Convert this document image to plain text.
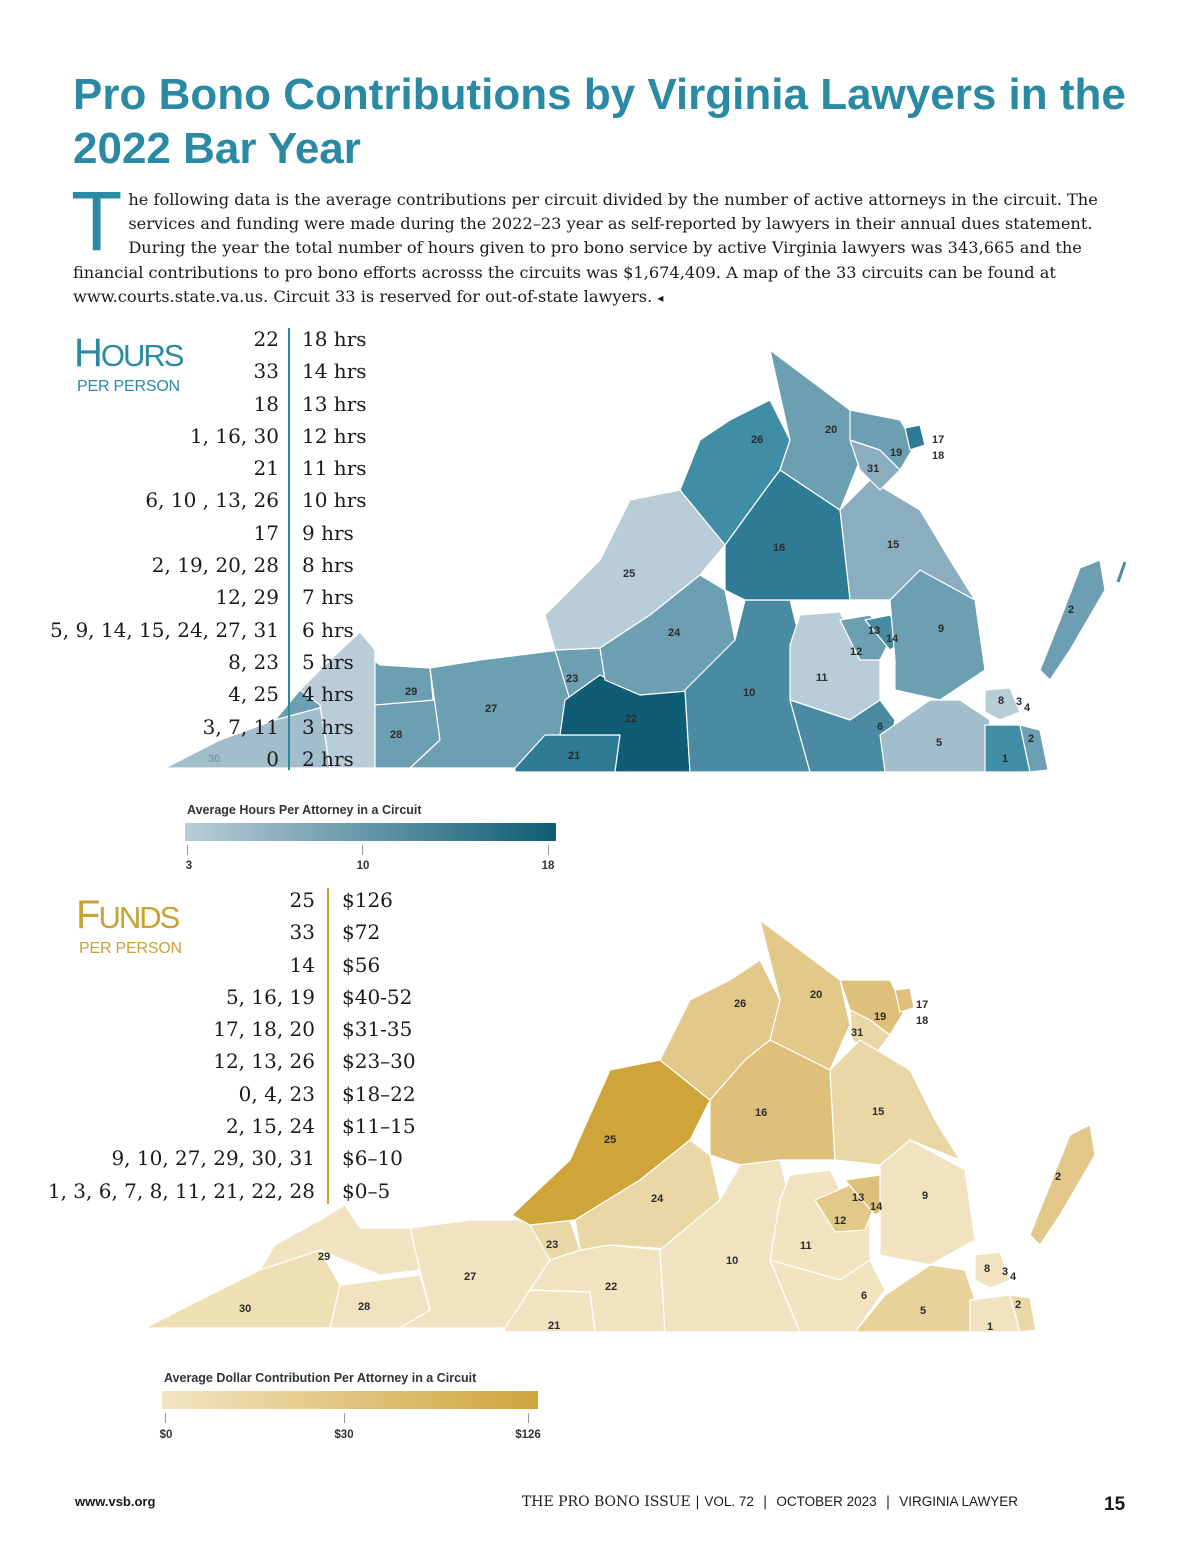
Pro Bono Contributions by Virginia Lawyers in the 2022 Bar Year

The following data is the average contributions per circuit divided by the number of active attorneys in the circuit. The services and funding were made during the 2022–23 year as self-reported by lawyers in their annual dues statement. During the year the total number of hours given to pro bono service by active Virginia lawyers was 343,665 and the financial contributions to pro bono efforts acrosss the circuits was $1,674,409. A map of the 33 circuits can be found at www.courts.state.va.us. Circuit 33 is reserved for out-of-state lawyers. ◂

1
2
2
3 4
5
6
8
9
10
11
12
13
14
15
16
17
18
19
20
21
22
23
24
25
26
27
28
29
30
31
HOURS
PER PERSON
22 18 hrs
33 14 hrs
18 13 hrs
1, 16, 30 12 hrs
21 11 hrs
6, 10 , 13, 26 10 hrs
17 9 hrs
2, 19, 20, 28 8 hrs
12, 29 7 hrs
5, 9, 14, 15, 24, 27, 31 6 hrs
8, 23 5 hrs
4, 25 4 hrs
3, 7, 11 3 hrs
0 2 hrs
Average Hours Per Attorney in a Circuit
3	10	18
1
2
2
3 4
5
6
8
9
10
11
12
13
14
15
16
17
18
19
20
21
22
23
24
25
26
27
28
29
30
31
FUNDS
PER PERSON
25 $126
33 $72
14 $56
5, 16, 19 $40-52
17, 18, 20 $31-35
12, 13, 26 $23–30
0, 4, 23 $18–22
2, 15, 24 $11–15
9, 10, 27, 29, 30, 31 $6–10
1, 3, 6, 7, 8, 11, 21, 22, 28 $0–5
Average Dollar Contribution Per Attorney in a Circuit
$0	$30	$126
www.vsb.org	THE PRO BONO ISSUE | VOL. 72  |  OCTOBER 2023  |  VIRGINIA LAWYER	15
